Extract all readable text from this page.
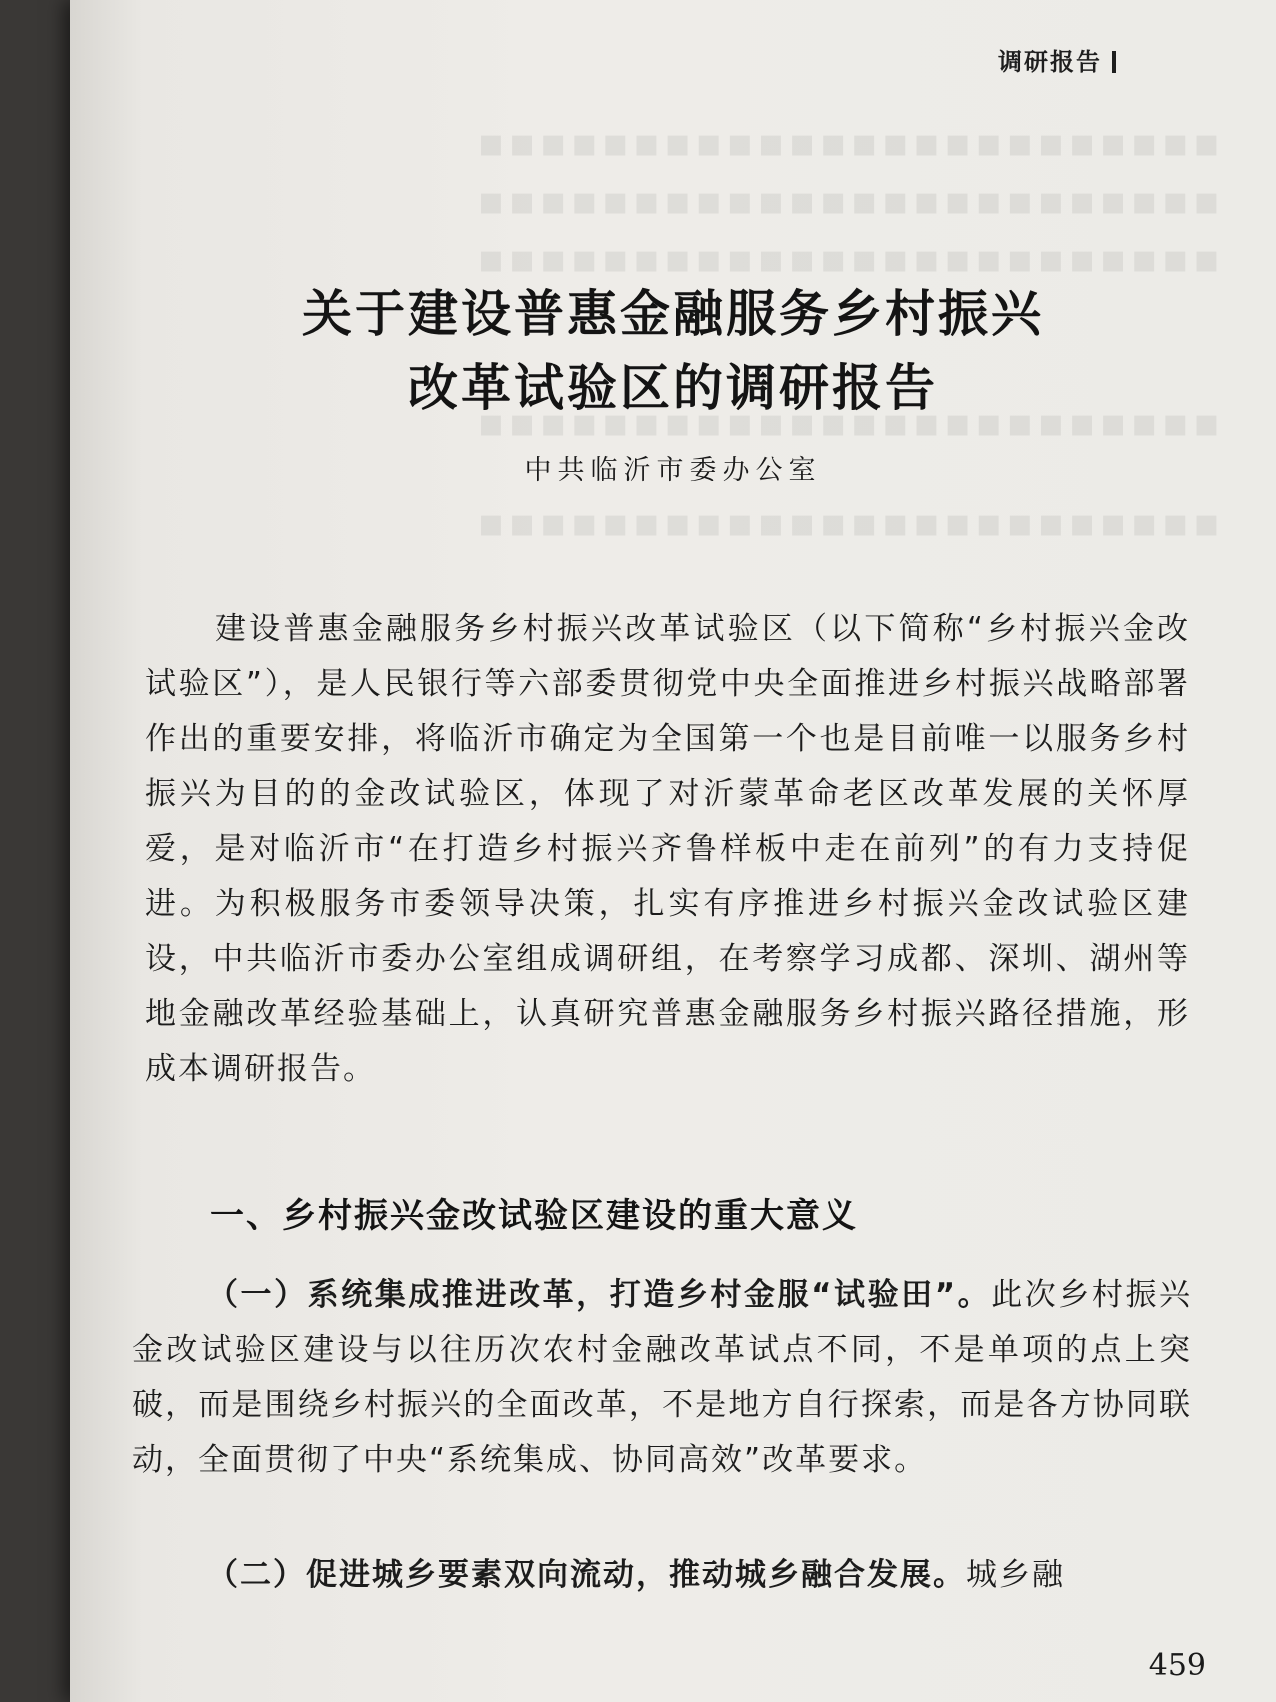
▪▪▪▪▪▪▪▪▪▪▪▪▪▪▪▪▪▪▪▪▪▪▪▪
▪▪▪▪▪▪▪▪▪▪▪▪▪▪▪▪▪▪▪▪▪▪▪▪
▪▪▪▪▪▪▪▪▪▪▪▪▪▪▪▪▪▪▪▪▪▪▪▪
▪▪▪▪▪▪▪▪▪▪▪▪▪▪▪▪▪▪▪▪▪▪▪▪
▪▪▪▪▪▪▪▪▪▪▪▪▪▪▪▪▪▪▪▪▪▪▪▪
调研报告
关于建设普惠金融服务乡村振兴
改革试验区的调研报告
中共临沂市委办公室

建设普惠金融服务乡村振兴改革试验区（以下简称“乡村振兴金改试验区”），是人民银行等六部委贯彻党中央全面推进乡村振兴战略部署作出的重要安排，将临沂市确定为全国第一个也是目前唯一以服务乡村振兴为目的的金改试验区，体现了对沂蒙革命老区改革发展的关怀厚爱，是对临沂市“在打造乡村振兴齐鲁样板中走在前列”的有力支持促进。为积极服务市委领导决策，扎实有序推进乡村振兴金改试验区建设，中共临沂市委办公室组成调研组，在考察学习成都、深圳、湖州等地金融改革经验基础上，认真研究普惠金融服务乡村振兴路径措施，形成本调研报告。

一、乡村振兴金改试验区建设的重大意义

（一）系统集成推进改革，打造乡村金服“试验田”。此次乡村振兴金改试验区建设与以往历次农村金融改革试点不同，不是单项的点上突破，而是围绕乡村振兴的全面改革，不是地方自行探索，而是各方协同联动，全面贯彻了中央“系统集成、协同高效”改革要求。

（二）促进城乡要素双向流动，推动城乡融合发展。城乡融

459
